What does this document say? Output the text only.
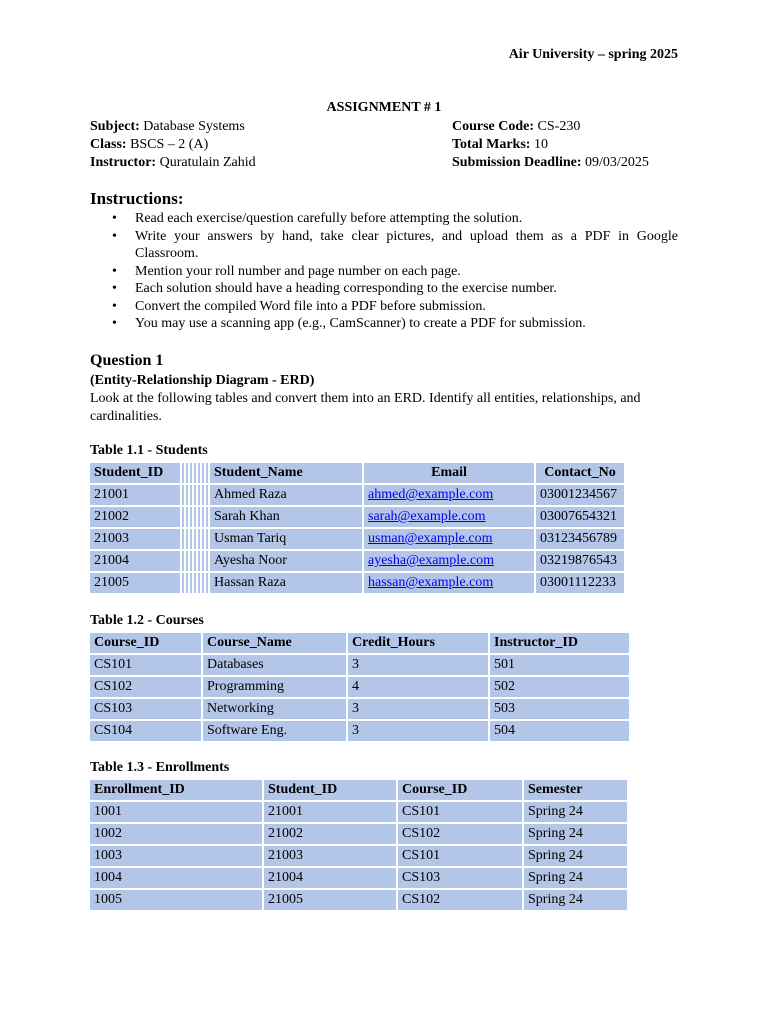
Air University – spring 2025
ASSIGNMENT # 1
Subject: Database Systems
Class: BSCS – 2 (A)
Instructor: Quratulain Zahid
Course Code: CS-230
Total Marks: 10
Submission Deadline: 09/03/2025
Instructions:
• Read each exercise/question carefully before attempting the solution.
• Write your answers by hand, take clear pictures, and upload them as a PDF in Google Classroom.
• Mention your roll number and page number on each page.
• Each solution should have a heading corresponding to the exercise number.
• Convert the compiled Word file into a PDF before submission.
• You may use a scanning app (e.g., CamScanner) to create a PDF for submission.
Question 1
(Entity-Relationship Diagram - ERD)
Look at the following tables and convert them into an ERD. Identify all entities, relationships, and cardinalities.
Table 1.1 - Students
Student_ID		Student_Name	Email	Contact_No
21001		Ahmed Raza	ahmed@example.com	03001234567
21002		Sarah Khan	sarah@example.com	03007654321
21003		Usman Tariq	usman@example.com	03123456789
21004		Ayesha Noor	ayesha@example.com	03219876543
21005		Hassan Raza	hassan@example.com	03001112233
Table 1.2 - Courses
Course_ID	Course_Name	Credit_Hours	Instructor_ID
CS101	Databases	3	501
CS102	Programming	4	502
CS103	Networking	3	503
CS104	Software Eng.	3	504
Table 1.3 - Enrollments
Enrollment_ID	Student_ID	Course_ID	Semester
1001	21001	CS101	Spring 24
1002	21002	CS102	Spring 24
1003	21003	CS101	Spring 24
1004	21004	CS103	Spring 24
1005	21005	CS102	Spring 24
